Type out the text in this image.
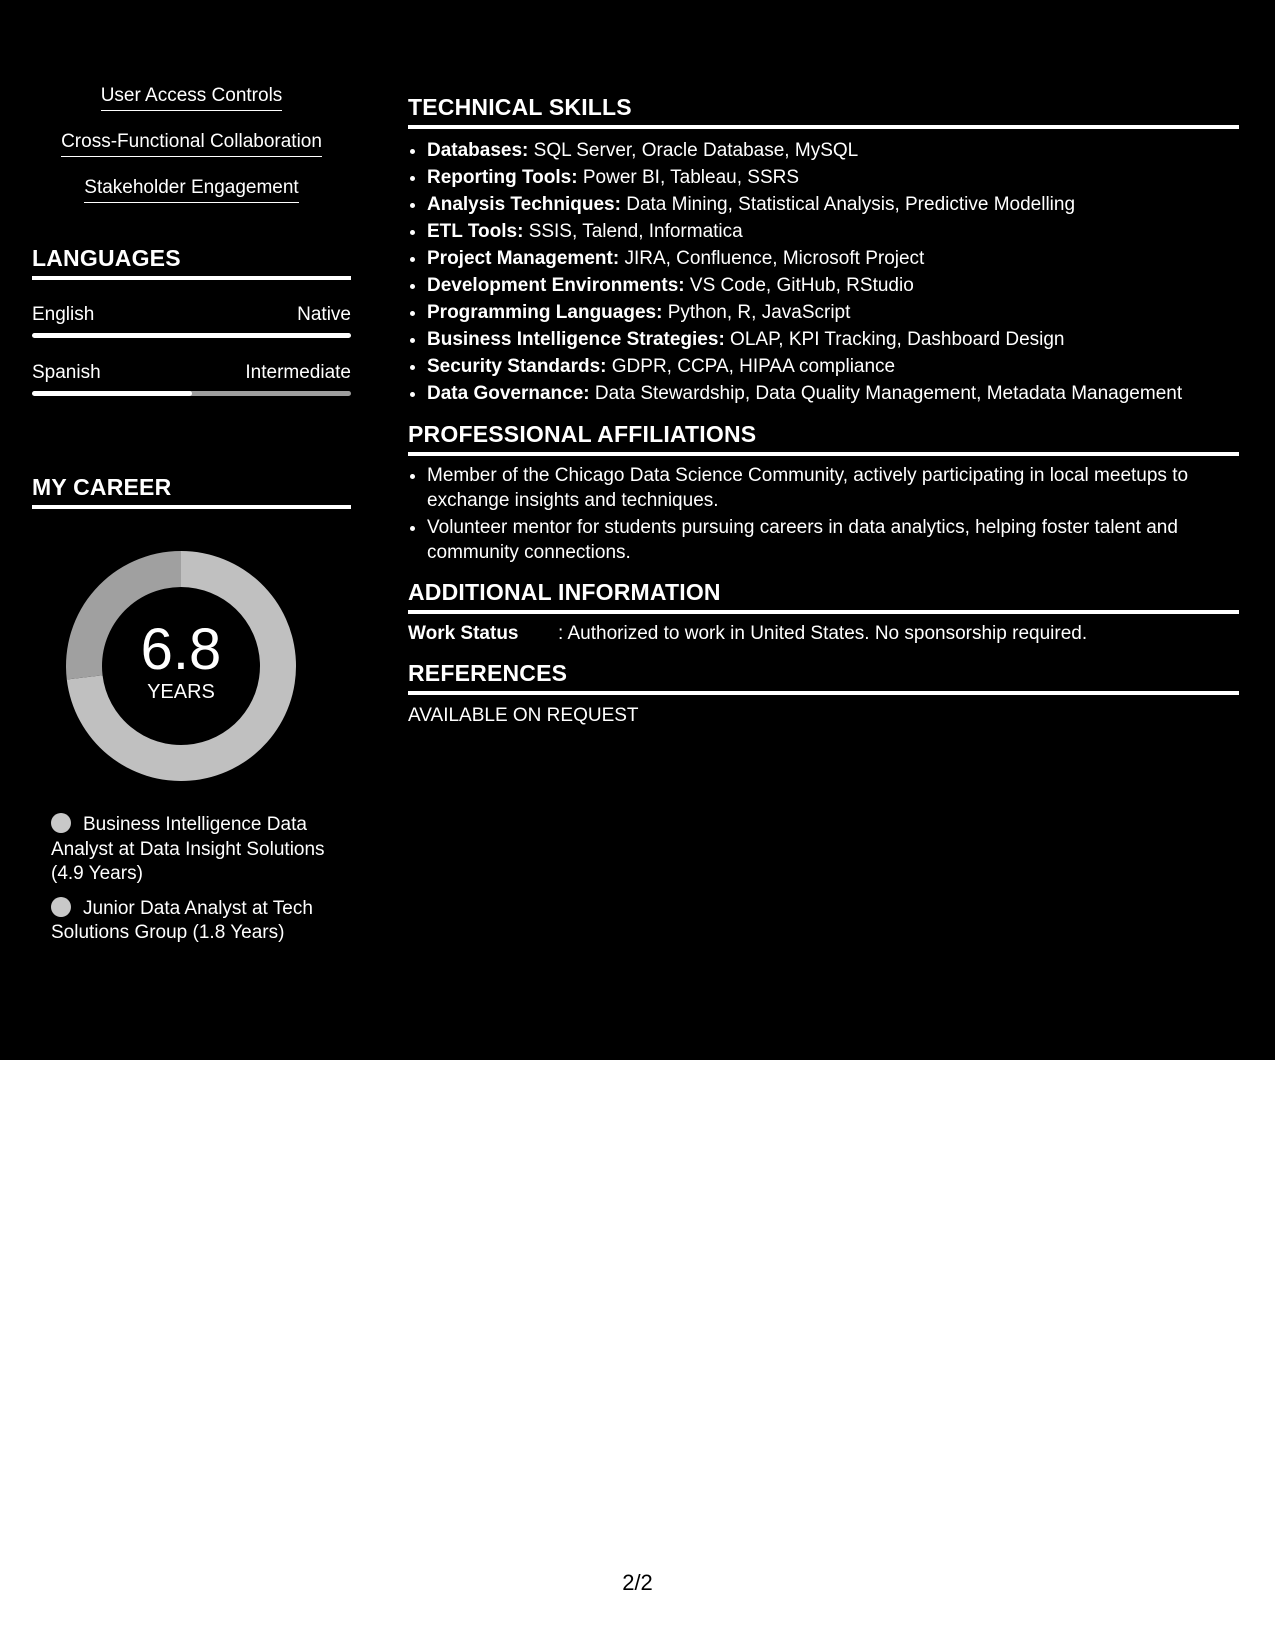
User Access Controls
Cross-Functional Collaboration
Stakeholder Engagement
LANGUAGES
English	Native
Spanish	Intermediate
MY CAREER
6.8
YEARS
Business Intelligence Data Analyst at Data Insight Solutions (4.9 Years)
Junior Data Analyst at Tech Solutions Group (1.8 Years)
TECHNICAL SKILLS
• Databases: SQL Server, Oracle Database, MySQL
• Reporting Tools: Power BI, Tableau, SSRS
• Analysis Techniques: Data Mining, Statistical Analysis, Predictive Modelling
• ETL Tools: SSIS, Talend, Informatica
• Project Management: JIRA, Confluence, Microsoft Project
• Development Environments: VS Code, GitHub, RStudio
• Programming Languages: Python, R, JavaScript
• Business Intelligence Strategies: OLAP, KPI Tracking, Dashboard Design
• Security Standards: GDPR, CCPA, HIPAA compliance
• Data Governance: Data Stewardship, Data Quality Management, Metadata Management
PROFESSIONAL AFFILIATIONS
• Member of the Chicago Data Science Community, actively participating in local meetups to exchange insights and techniques.
• Volunteer mentor for students pursuing careers in data analytics, helping foster talent and community connections.
ADDITIONAL INFORMATION
Work Status	: Authorized to work in United States. No sponsorship required.
REFERENCES
AVAILABLE ON REQUEST
2/2
